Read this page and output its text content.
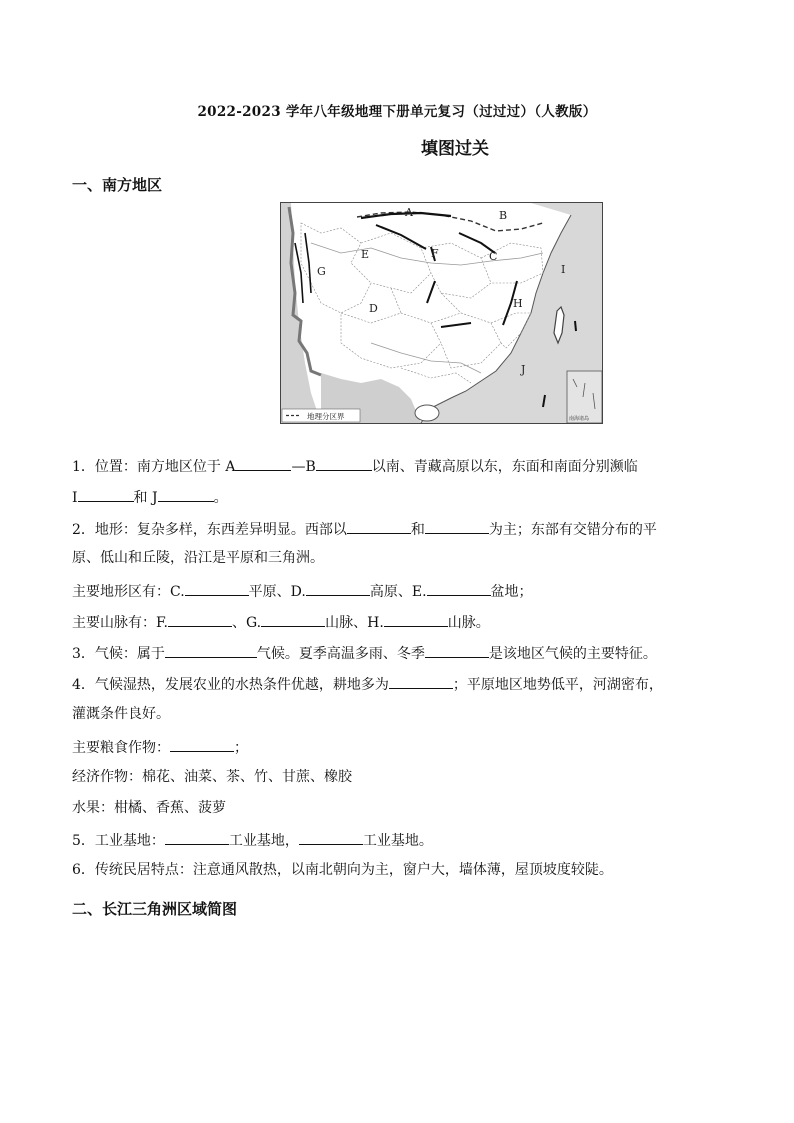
2022-2023 学年八年级地理下册单元复习（过过过）（人教版）
填图过关
一、南方地区
南海诸岛
A	B
C
D
E	F
G
H
I
J
地理分区界
1．位置：南方地区位于 A	—B	以南、青藏高原以东，东面和南面分别濒临
I	和 J	。
2．地形：复杂多样，东西差异明显。西部以	和	为主；东部有交错分布的平
原、低山和丘陵，沿江是平原和三角洲。
主要地形区有：C.	平原、D.	高原、E.	盆地；
主要山脉有：F.	、G.	山脉、H.	山脉。
3．气候：属于	气候。夏季高温多雨、冬季	是该地区气候的主要特征。
4．气候湿热，发展农业的水热条件优越，耕地多为	；平原地区地势低平，河湖密布，
灌溉条件良好。
主要粮食作物：	；
经济作物：棉花、油菜、茶、竹、甘蔗、橡胶
水果：柑橘、香蕉、菠萝
5．工业基地：	工业基地，	工业基地。
6．传统民居特点：注意通风散热，以南北朝向为主，窗户大，墙体薄，屋顶坡度较陡。
二、长江三角洲区域简图
